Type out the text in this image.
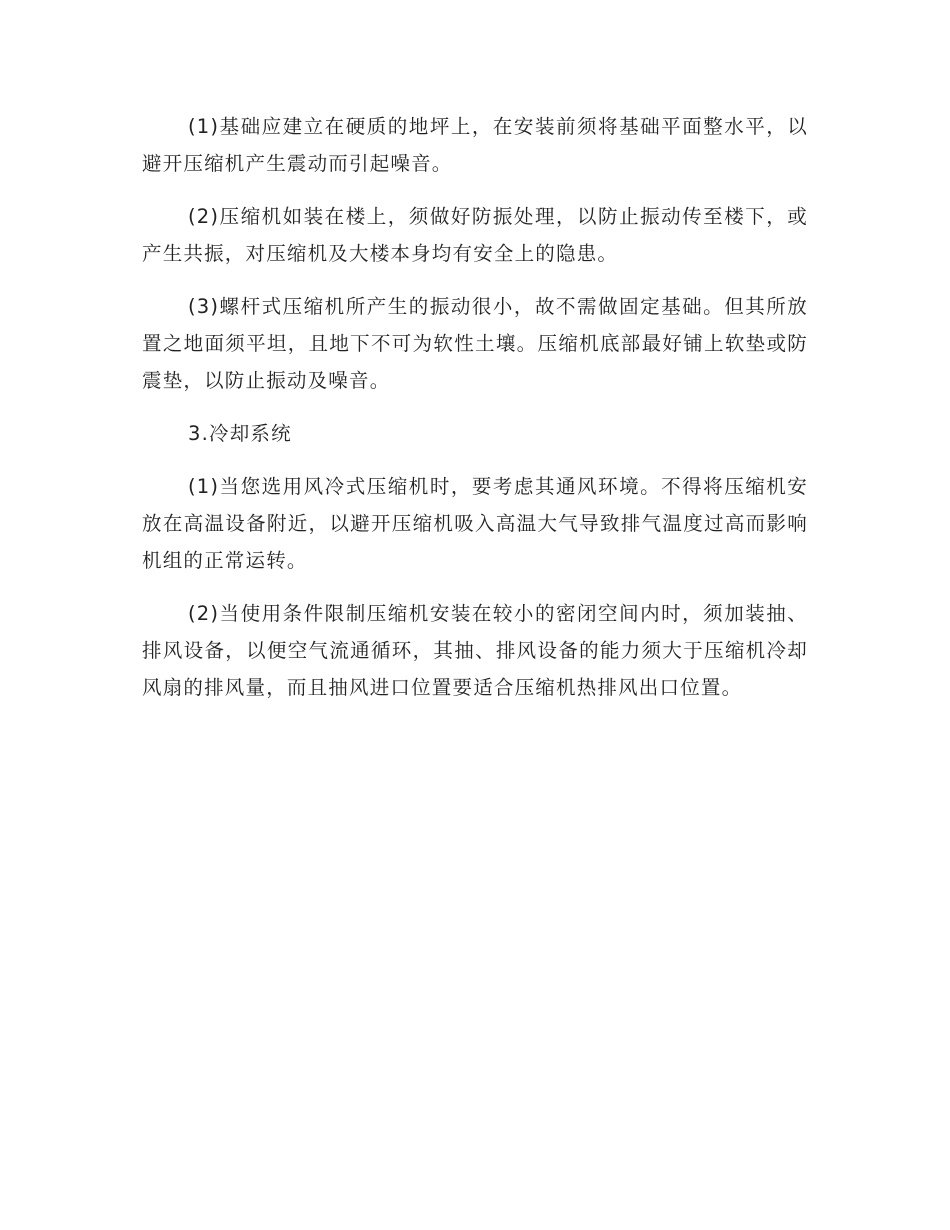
(1)基础应建立在硬质的地坪上，在安装前须将基础平面整水平，以避开压缩机产生震动而引起噪音。

(2)压缩机如装在楼上，须做好防振处理，以防止振动传至楼下，或产生共振，对压缩机及大楼本身均有安全上的隐患。

(3)螺杆式压缩机所产生的振动很小，故不需做固定基础。但其所放置之地面须平坦，且地下不可为软性土壤。压缩机底部最好铺上软垫或防震垫，以防止振动及噪音。

3.冷却系统

(1)当您选用风冷式压缩机时，要考虑其通风环境。不得将压缩机安放在高温设备附近，以避开压缩机吸入高温大气导致排气温度过高而影响机组的正常运转。

(2)当使用条件限制压缩机安装在较小的密闭空间内时，须加装抽、 排风设备，以便空气流通循环，其抽、排风设备的能力须大于压缩机冷却风扇的排风量，而且抽风进口位置要适合压缩机热排风出口位置。
